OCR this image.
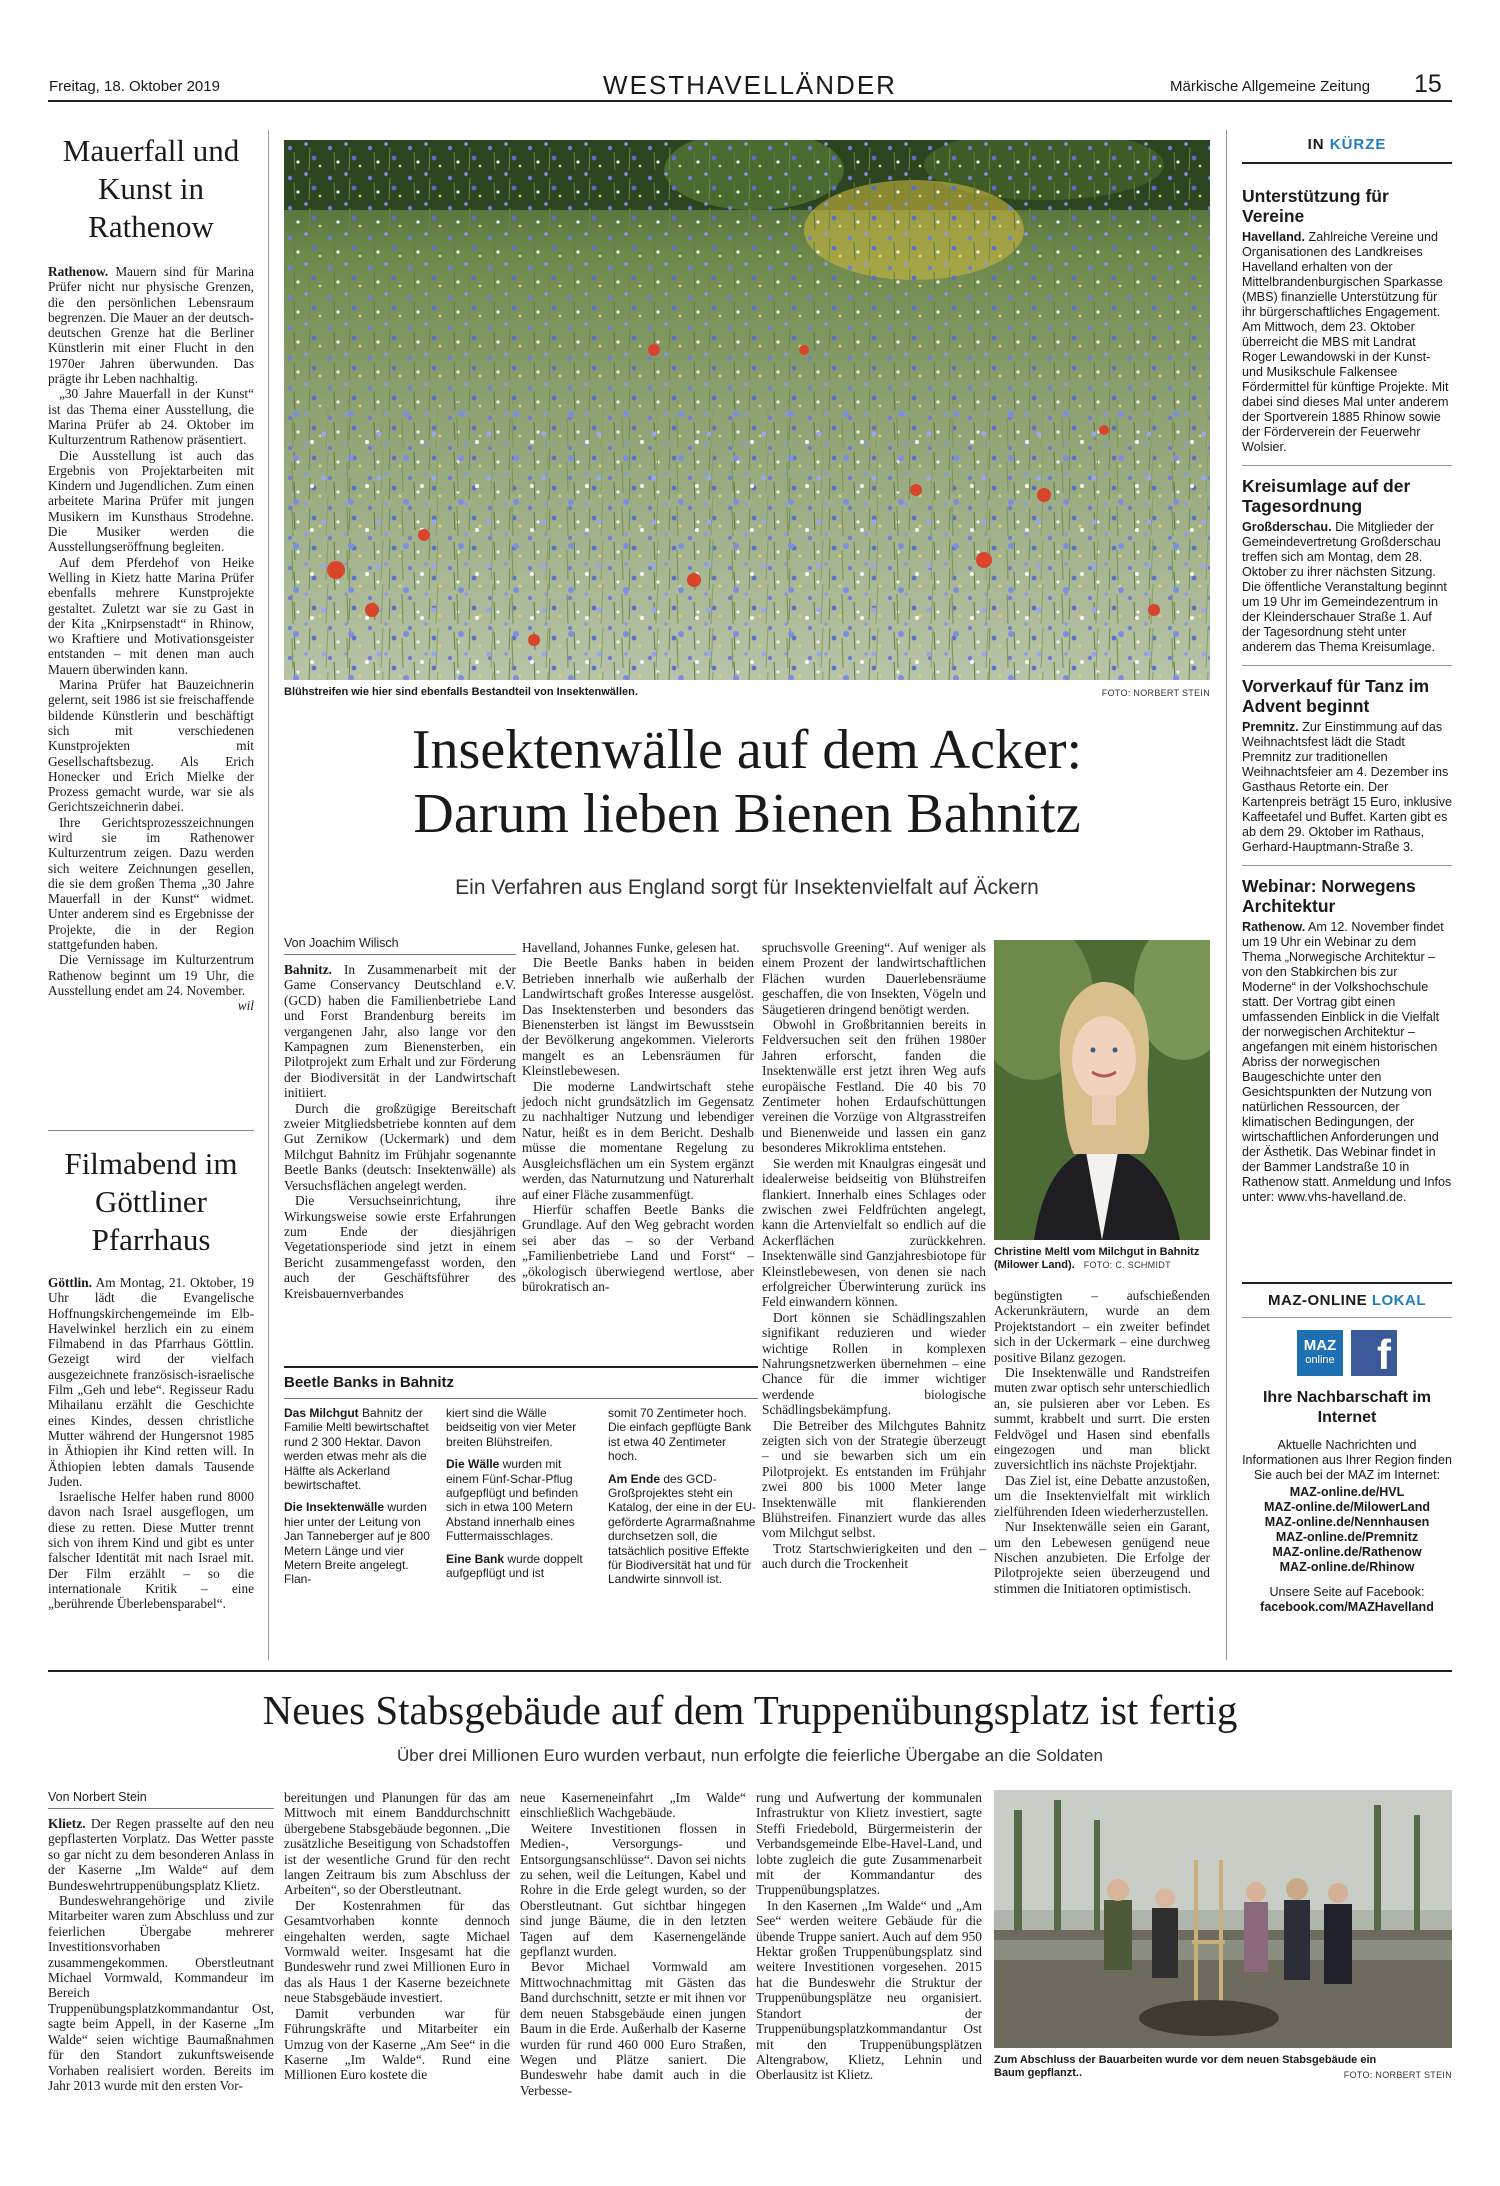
Freitag, 18. Oktober 2019	WESTHAVELLÄNDER	Märkische Allgemeine Zeitung 15
Mauerfall und Kunst in Rathenow

Rathenow. Mauern sind für Marina Prüfer nicht nur physische Grenzen, die den persönlichen Lebensraum begrenzen. Die Mauer an der deutsch-deutschen Grenze hat die Berliner Künstlerin mit einer Flucht in den 1970er Jahren überwunden. Das prägte ihr Leben nachhaltig.

„30 Jahre Mauerfall in der Kunst“ ist das Thema einer Ausstellung, die Marina Prüfer ab 24. Oktober im Kulturzentrum Rathenow präsentiert.

Die Ausstellung ist auch das Ergebnis von Projektarbeiten mit Kindern und Jugendlichen. Zum einen arbeitete Marina Prüfer mit jungen Musikern im Kunsthaus Strodehne. Die Musiker werden die Ausstellungseröffnung begleiten.

Auf dem Pferdehof von Heike Welling in Kietz hatte Marina Prüfer ebenfalls mehrere Kunstprojekte gestaltet. Zuletzt war sie zu Gast in der Kita „Knirpsenstadt“ in Rhinow, wo Kraftiere und Motivationsgeister entstanden – mit denen man auch Mauern überwinden kann.

Marina Prüfer hat Bauzeichnerin gelernt, seit 1986 ist sie freischaffende bildende Künstlerin und beschäftigt sich mit verschiedenen Kunstprojekten mit Gesellschaftsbezug. Als Erich Honecker und Erich Mielke der Prozess gemacht wurde, war sie als Gerichtszeichnerin dabei.

Ihre Gerichtsprozesszeichnungen wird sie im Rathenower Kulturzentrum zeigen. Dazu werden sich weitere Zeichnungen gesellen, die sie dem großen Thema „30 Jahre Mauerfall in der Kunst“ widmet. Unter anderem sind es Ergebnisse der Projekte, die in der Region stattgefunden haben.

Die Vernissage im Kulturzentrum Rathenow beginnt um 19 Uhr, die Ausstellung endet am 24. November.

wil
Filmabend im Göttliner Pfarrhaus

Göttlin. Am Montag, 21. Oktober, 19 Uhr lädt die Evangelische Hoffnungskirchengemeinde im Elb-Havelwinkel herzlich ein zu einem Filmabend in das Pfarrhaus Göttlin. Gezeigt wird der vielfach ausgezeichnete französisch-israelische Film „Geh und lebe“. Regisseur Radu Mihailanu erzählt die Geschichte eines Kindes, dessen christliche Mutter während der Hungersnot 1985 in Äthiopien ihr Kind retten will. In Äthiopien lebten damals Tausende Juden.

Israelische Helfer haben rund 8000 davon nach Israel ausgeflogen, um diese zu retten. Diese Mutter trennt sich von ihrem Kind und gibt es unter falscher Identität mit nach Israel mit. Der Film erzählt – so die internationale Kritik – eine „berührende Überlebensparabel“.

Blühstreifen wie hier sind ebenfalls Bestandteil von Insektenwällen.	FOTO: NORBERT STEIN
Insektenwälle auf dem Acker:
Darum lieben Bienen Bahnitz
Ein Verfahren aus England sorgt für Insektenvielfalt auf Äckern
Von Joachim Wilisch

Bahnitz. In Zusammenarbeit mit der Game Conservancy Deutschland e.V. (GCD) haben die Familienbetriebe Land und Forst Brandenburg bereits im vergangenen Jahr, also lange vor den Kampagnen zum Bienensterben, ein Pilotprojekt zum Erhalt und zur Förderung der Biodiversität in der Landwirtschaft initiiert.

Durch die großzügige Bereitschaft zweier Mitgliedsbetriebe konnten auf dem Gut Zernikow (Uckermark) und dem Milchgut Bahnitz im Frühjahr sogenannte Beetle Banks (deutsch: Insektenwälle) als Versuchsflächen angelegt werden.

Die Versuchseinrichtung, ihre Wirkungsweise sowie erste Erfahrungen zum Ende der diesjährigen Vegetationsperiode sind jetzt in einem Bericht zusammengefasst worden, den auch der Geschäftsführer des Kreisbauernverbandes

Havelland, Johannes Funke, gelesen hat.

Die Beetle Banks haben in beiden Betrieben innerhalb wie außerhalb der Landwirtschaft großes Interesse ausgelöst. Das Insektensterben und besonders das Bienensterben ist längst im Bewusstsein der Bevölkerung angekommen. Vielerorts mangelt es an Lebensräumen für Kleinstlebewesen.

Die moderne Landwirtschaft stehe jedoch nicht grundsätzlich im Gegensatz zu nachhaltiger Nutzung und lebendiger Natur, heißt es in dem Bericht. Deshalb müsse die momentane Regelung zu Ausgleichsflächen um ein System ergänzt werden, das Naturnutzung und Naturerhalt auf einer Fläche zusammenfügt.

Hierfür schaffen Beetle Banks die Grundlage. Auf den Weg gebracht worden sei aber das – so der Verband „Familienbetriebe Land und Forst“ – „ökologisch überwiegend wertlose, aber bürokratisch an-

spruchsvolle Greening“. Auf weniger als einem Prozent der landwirtschaftlichen Flächen wurden Dauerlebensräume geschaffen, die von Insekten, Vögeln und Säugetieren dringend benötigt werden.

Obwohl in Großbritannien bereits in Feldversuchen seit den frühen 1980er Jahren erforscht, fanden die Insektenwälle erst jetzt ihren Weg aufs europäische Festland. Die 40 bis 70 Zentimeter hohen Erdaufschüttungen vereinen die Vorzüge von Altgrasstreifen und Bienenweide und lassen ein ganz besonderes Mikroklima entstehen.

Sie werden mit Knaulgras eingesät und idealerweise beidseitig von Blühstreifen flankiert. Innerhalb eines Schlages oder zwischen zwei Feldfrüchten angelegt, kann die Artenvielfalt so endlich auf die Ackerflächen zurückkehren. Insektenwälle sind Ganzjahresbiotope für Kleinstlebewesen, von denen sie nach erfolgreicher Überwinterung zurück ins Feld einwandern können.

Dort können sie Schädlingszahlen signifikant reduzieren und wieder wichtige Rollen in komplexen Nahrungsnetzwerken übernehmen – eine Chance für die immer wichtiger werdende biologische Schädlingsbekämpfung.

Die Betreiber des Milchgutes Bahnitz zeigten sich von der Strategie überzeugt – und sie bewarben sich um ein Pilotprojekt. Es entstanden im Frühjahr zwei 800 bis 1000 Meter lange Insektenwälle mit flankierenden Blühstreifen. Finanziert wurde das alles vom Milchgut selbst.

Trotz Startschwierigkeiten und den – auch durch die Trockenheit

Christine Meltl vom Milchgut in Bahnitz (Milower Land). FOTO: C. SCHMIDT

begünstigten – aufschießenden Ackerunkräutern, wurde an dem Projektstandort – ein zweiter befindet sich in der Uckermark – eine durchweg positive Bilanz gezogen.

Die Insektenwälle und Randstreifen muten zwar optisch sehr unterschiedlich an, sie pulsieren aber vor Leben. Es summt, krabbelt und surrt. Die ersten Feldvögel und Hasen sind ebenfalls eingezogen und man blickt zuversichtlich ins nächste Projektjahr.

Das Ziel ist, eine Debatte anzustoßen, um die Insektenvielfalt mit wirklich zielführenden Ideen wiederherzustellen.

Nur Insektenwälle seien ein Garant, um den Lebewesen genügend neue Nischen anzubieten. Die Erfolge der Pilotprojekte seien überzeugend und stimmen die Initiatoren optimistisch.

Beetle Banks in Bahnitz

Das Milchgut Bahnitz der Familie Meltl bewirtschaftet rund 2 300 Hektar. Davon werden etwas mehr als die Hälfte als Ackerland bewirtschaftet.

Die Insektenwälle wurden hier unter der Leitung von Jan Tanneberger auf je 800 Metern Länge und vier Metern Breite angelegt. Flan-

kiert sind die Wälle beidseitig von vier Meter breiten Blühstreifen.

Die Wälle wurden mit einem Fünf-Schar-Pflug aufgepflügt und befinden sich in etwa 100 Metern Abstand innerhalb eines Futtermaisschlages.

Eine Bank wurde doppelt aufgepflügt und ist

somit 70 Zentimeter hoch. Die einfach gepflügte Bank ist etwa 40 Zentimeter hoch.

Am Ende des GCD-Großprojektes steht ein Katalog, der eine in der EU-geförderte Agrarmaßnahme durchsetzen soll, die tatsächlich positive Effekte für Biodiversität hat und für Landwirte sinnvoll ist.

IN KÜRZE
Unterstützung für Vereine

Havelland. Zahlreiche Vereine und Organisationen des Landkreises Havelland erhalten von der Mittelbrandenburgischen Sparkasse (MBS) finanzielle Unterstützung für ihr bürgerschaftliches Engagement. Am Mittwoch, dem 23. Oktober überreicht die MBS mit Landrat Roger Lewandowski in der Kunst- und Musikschule Falkensee Fördermittel für künftige Projekte. Mit dabei sind dieses Mal unter anderem der Sportverein 1885 Rhinow sowie der Förderverein der Feuerwehr Wolsier.

Kreisumlage auf der Tagesordnung

Großderschau. Die Mitglieder der Gemeindevertretung Großderschau treffen sich am Montag, dem 28. Oktober zu ihrer nächsten Sitzung. Die öffentliche Veranstaltung beginnt um 19 Uhr im Gemeindezentrum in der Kleinderschauer Straße 1. Auf der Tagesordnung steht unter anderem das Thema Kreisumlage.

Vorverkauf für Tanz im Advent beginnt

Premnitz. Zur Einstimmung auf das Weihnachtsfest lädt die Stadt Premnitz zur traditionellen Weihnachtsfeier am 4. Dezember ins Gasthaus Retorte ein. Der Kartenpreis beträgt 15 Euro, inklusive Kaffeetafel und Buffet. Karten gibt es ab dem 29. Oktober im Rathaus, Gerhard-Hauptmann-Straße 3.

Webinar: Norwegens Architektur

Rathenow. Am 12. November findet um 19 Uhr ein Webinar zu dem Thema „Norwegische Architektur – von den Stabkirchen bis zur Moderne“ in der Volkshochschule statt. Der Vortrag gibt einen umfassenden Einblick in die Vielfalt der norwegischen Architektur – angefangen mit einem historischen Abriss der norwegischen Baugeschichte unter den Gesichtspunkten der Nutzung von natürlichen Ressourcen, der klimatischen Bedingungen, der wirtschaftlichen Anforderungen und der Ästhetik. Das Webinar findet in der Bammer Landstraße 10 in Rathenow statt. Anmeldung und Infos unter: www.vhs-havelland.de.

MAZ-ONLINE LOKAL
MAZ
online f
Ihre Nachbarschaft im Internet
Aktuelle Nachrichten und Informationen aus Ihrer Region finden Sie auch bei der MAZ im Internet:
MAZ-online.de/HVL
MAZ-online.de/MilowerLand
MAZ-online.de/Nennhausen
MAZ-online.de/Premnitz
MAZ-online.de/Rathenow
MAZ-online.de/Rhinow
Unsere Seite auf Facebook:
facebook.com/MAZHavelland
Neues Stabsgebäude auf dem Truppenübungsplatz ist fertig
Über drei Millionen Euro wurden verbaut, nun erfolgte die feierliche Übergabe an die Soldaten
Von Norbert Stein

Klietz. Der Regen prasselte auf den neu gepflasterten Vorplatz. Das Wetter passte so gar nicht zu dem besonderen Anlass in der Kaserne „Im Walde“ auf dem Bundeswehrtruppenübungsplatz Klietz.

Bundeswehrangehörige und zivile Mitarbeiter waren zum Abschluss und zur feierlichen Übergabe mehrerer Investitionsvorhaben zusammengekommen. Oberstleutnant Michael Vormwald, Kommandeur im Bereich Truppenübungsplatzkommandantur Ost, sagte beim Appell, in der Kaserne „Im Walde“ seien wichtige Baumaßnahmen für den Standort zukunftsweisende Vorhaben realisiert worden. Bereits im Jahr 2013 wurde mit den ersten Vor-

bereitungen und Planungen für das am Mittwoch mit einem Banddurchschnitt übergebene Stabsgebäude begonnen. „Die zusätzliche Beseitigung von Schadstoffen ist der wesentliche Grund für den recht langen Zeitraum bis zum Abschluss der Arbeiten“, so der Oberstleutnant.

Der Kostenrahmen für das Gesamtvorhaben konnte dennoch eingehalten werden, sagte Michael Vormwald weiter. Insgesamt hat die Bundeswehr rund zwei Millionen Euro in das als Haus 1 der Kaserne bezeichnete neue Stabsgebäude investiert.

Damit verbunden war für Führungskräfte und Mitarbeiter ein Umzug von der Kaserne „Am See“ in die Kaserne „Im Walde“. Rund eine Millionen Euro kostete die

neue Kaserneneinfahrt „Im Walde“ einschließlich Wachgebäude.

Weitere Investitionen flossen in Medien-, Versorgungs- und Entsorgungsanschlüsse“. Davon sei nichts zu sehen, weil die Leitungen, Kabel und Rohre in die Erde gelegt wurden, so der Oberstleutnant. Gut sichtbar hingegen sind junge Bäume, die in den letzten Tagen auf dem Kasernengelände gepflanzt wurden.

Bevor Michael Vormwald am Mittwochnachmittag mit Gästen das Band durchschnitt, setzte er mit ihnen vor dem neuen Stabsgebäude einen jungen Baum in die Erde. Außerhalb der Kaserne wurden für rund 460 000 Euro Straßen, Wegen und Plätze saniert. Die Bundeswehr habe damit auch in die Verbesse-

rung und Aufwertung der kommunalen Infrastruktur von Klietz investiert, sagte Steffi Friedebold, Bürgermeisterin der Verbandsgemeinde Elbe-Havel-Land, und lobte zugleich die gute Zusammenarbeit mit der Kommandantur des Truppenübungsplatzes.

In den Kasernen „Im Walde“ und „Am See“ werden weitere Gebäude für die übende Truppe saniert. Auch auf dem 950 Hektar großen Truppenübungsplatz sind weitere Investitionen vorgesehen. 2015 hat die Bundeswehr die Struktur der Truppenübungsplätze neu organisiert. Standort der Truppenübungsplatzkommandantur Ost mit den Truppenübungsplätzen Altengrabow, Klietz, Lehnin und Oberlausitz ist Klietz.

Zum Abschluss der Bauarbeiten wurde vor dem neuen Stabsgebäude ein Baum gepflanzt..	FOTO: NORBERT STEIN
